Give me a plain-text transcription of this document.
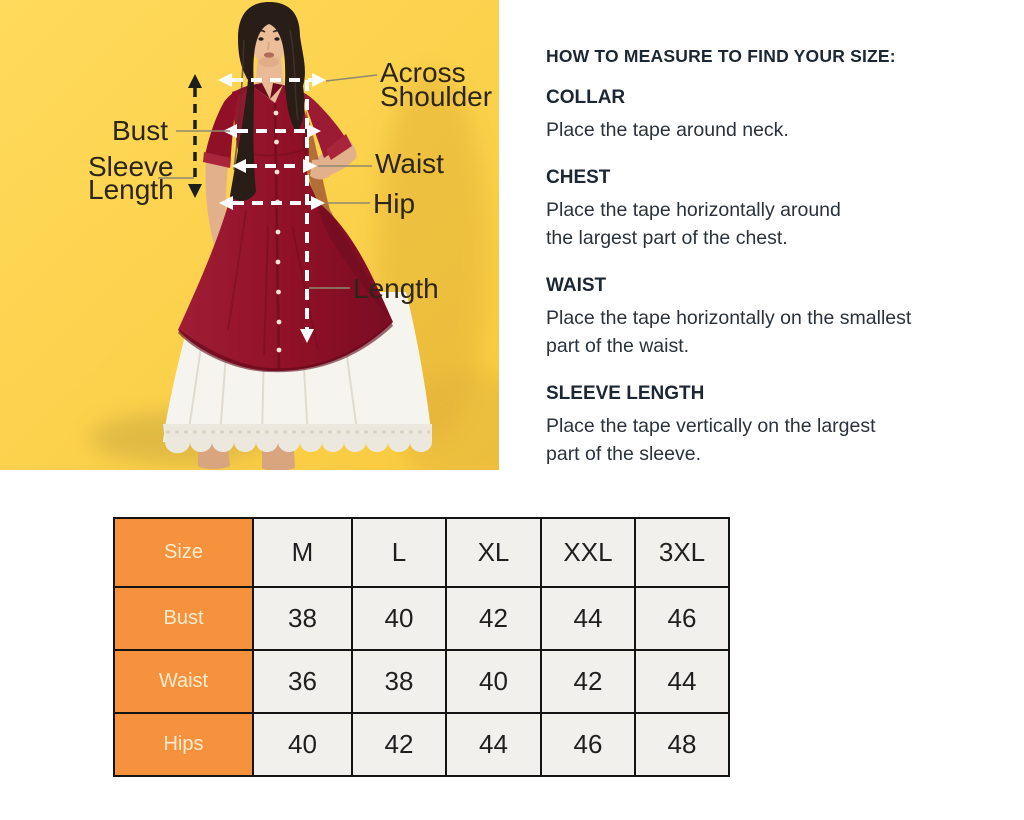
Across
Shoulder
Bust
Sleeve
Length
Waist
Hip
Length
HOW TO MEASURE TO FIND YOUR SIZE:
COLLAR
Place the tape around neck.
CHEST
Place the tape horizontally around
the largest part of the chest.
WAIST
Place the tape horizontally on the smallest
part of the waist.
SLEEVE LENGTH
Place the tape vertically on the largest
part of the sleeve.
Size	M	L	XL	XXL	3XL
Bust	38	40	42	44	46
Waist	36	38	40	42	44
Hips	40	42	44	46	48
